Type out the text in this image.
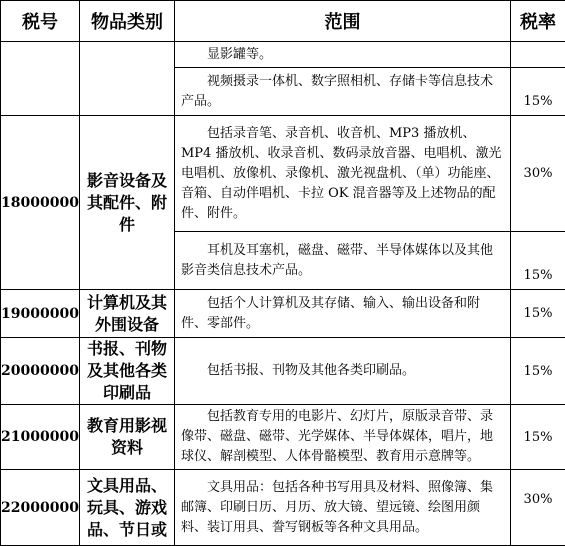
税号	物品类别	范围	税率
		显影罐等。	
		视频摄录一体机、数字照相机、存储卡等信息技术产品。	15%
18000000	影音设备及其配件、附件	包括录音笔、录音机、收音机、MP3 播放机、MP4 播放机、收录音机、数码录放音器、电唱机、激光电唱机、放像机、录像机、激光视盘机、（单）功能座、音箱、自动伴唱机、卡拉 OK 混音器等及上述物品的配件、附件。	30%
		耳机及耳塞机，磁盘、磁带、半导体媒体以及其他影音类信息技术产品。	15%
19000000	计算机及其外围设备	包括个人计算机及其存储、输入、输出设备和附件、零部件。	15%
20000000	书报、刊物及其他各类印刷品	包括书报、刊物及其他各类印刷品。	15%
21000000	教育用影视资料	包括教育专用的电影片、幻灯片，原版录音带、录像带、磁盘、磁带、光学媒体、半导体媒体，唱片，地球仪、解剖模型、人体骨骼模型、教育用示意牌等。	15%
22000000	文具用品、玩具、游戏品、节日或	文具用品：包括各种书写用具及材料、照像簿、集邮簿、印刷日历、月历、放大镜、望远镜、绘图用颜料、装订用具、誊写钢板等各种文具用品。	30%
